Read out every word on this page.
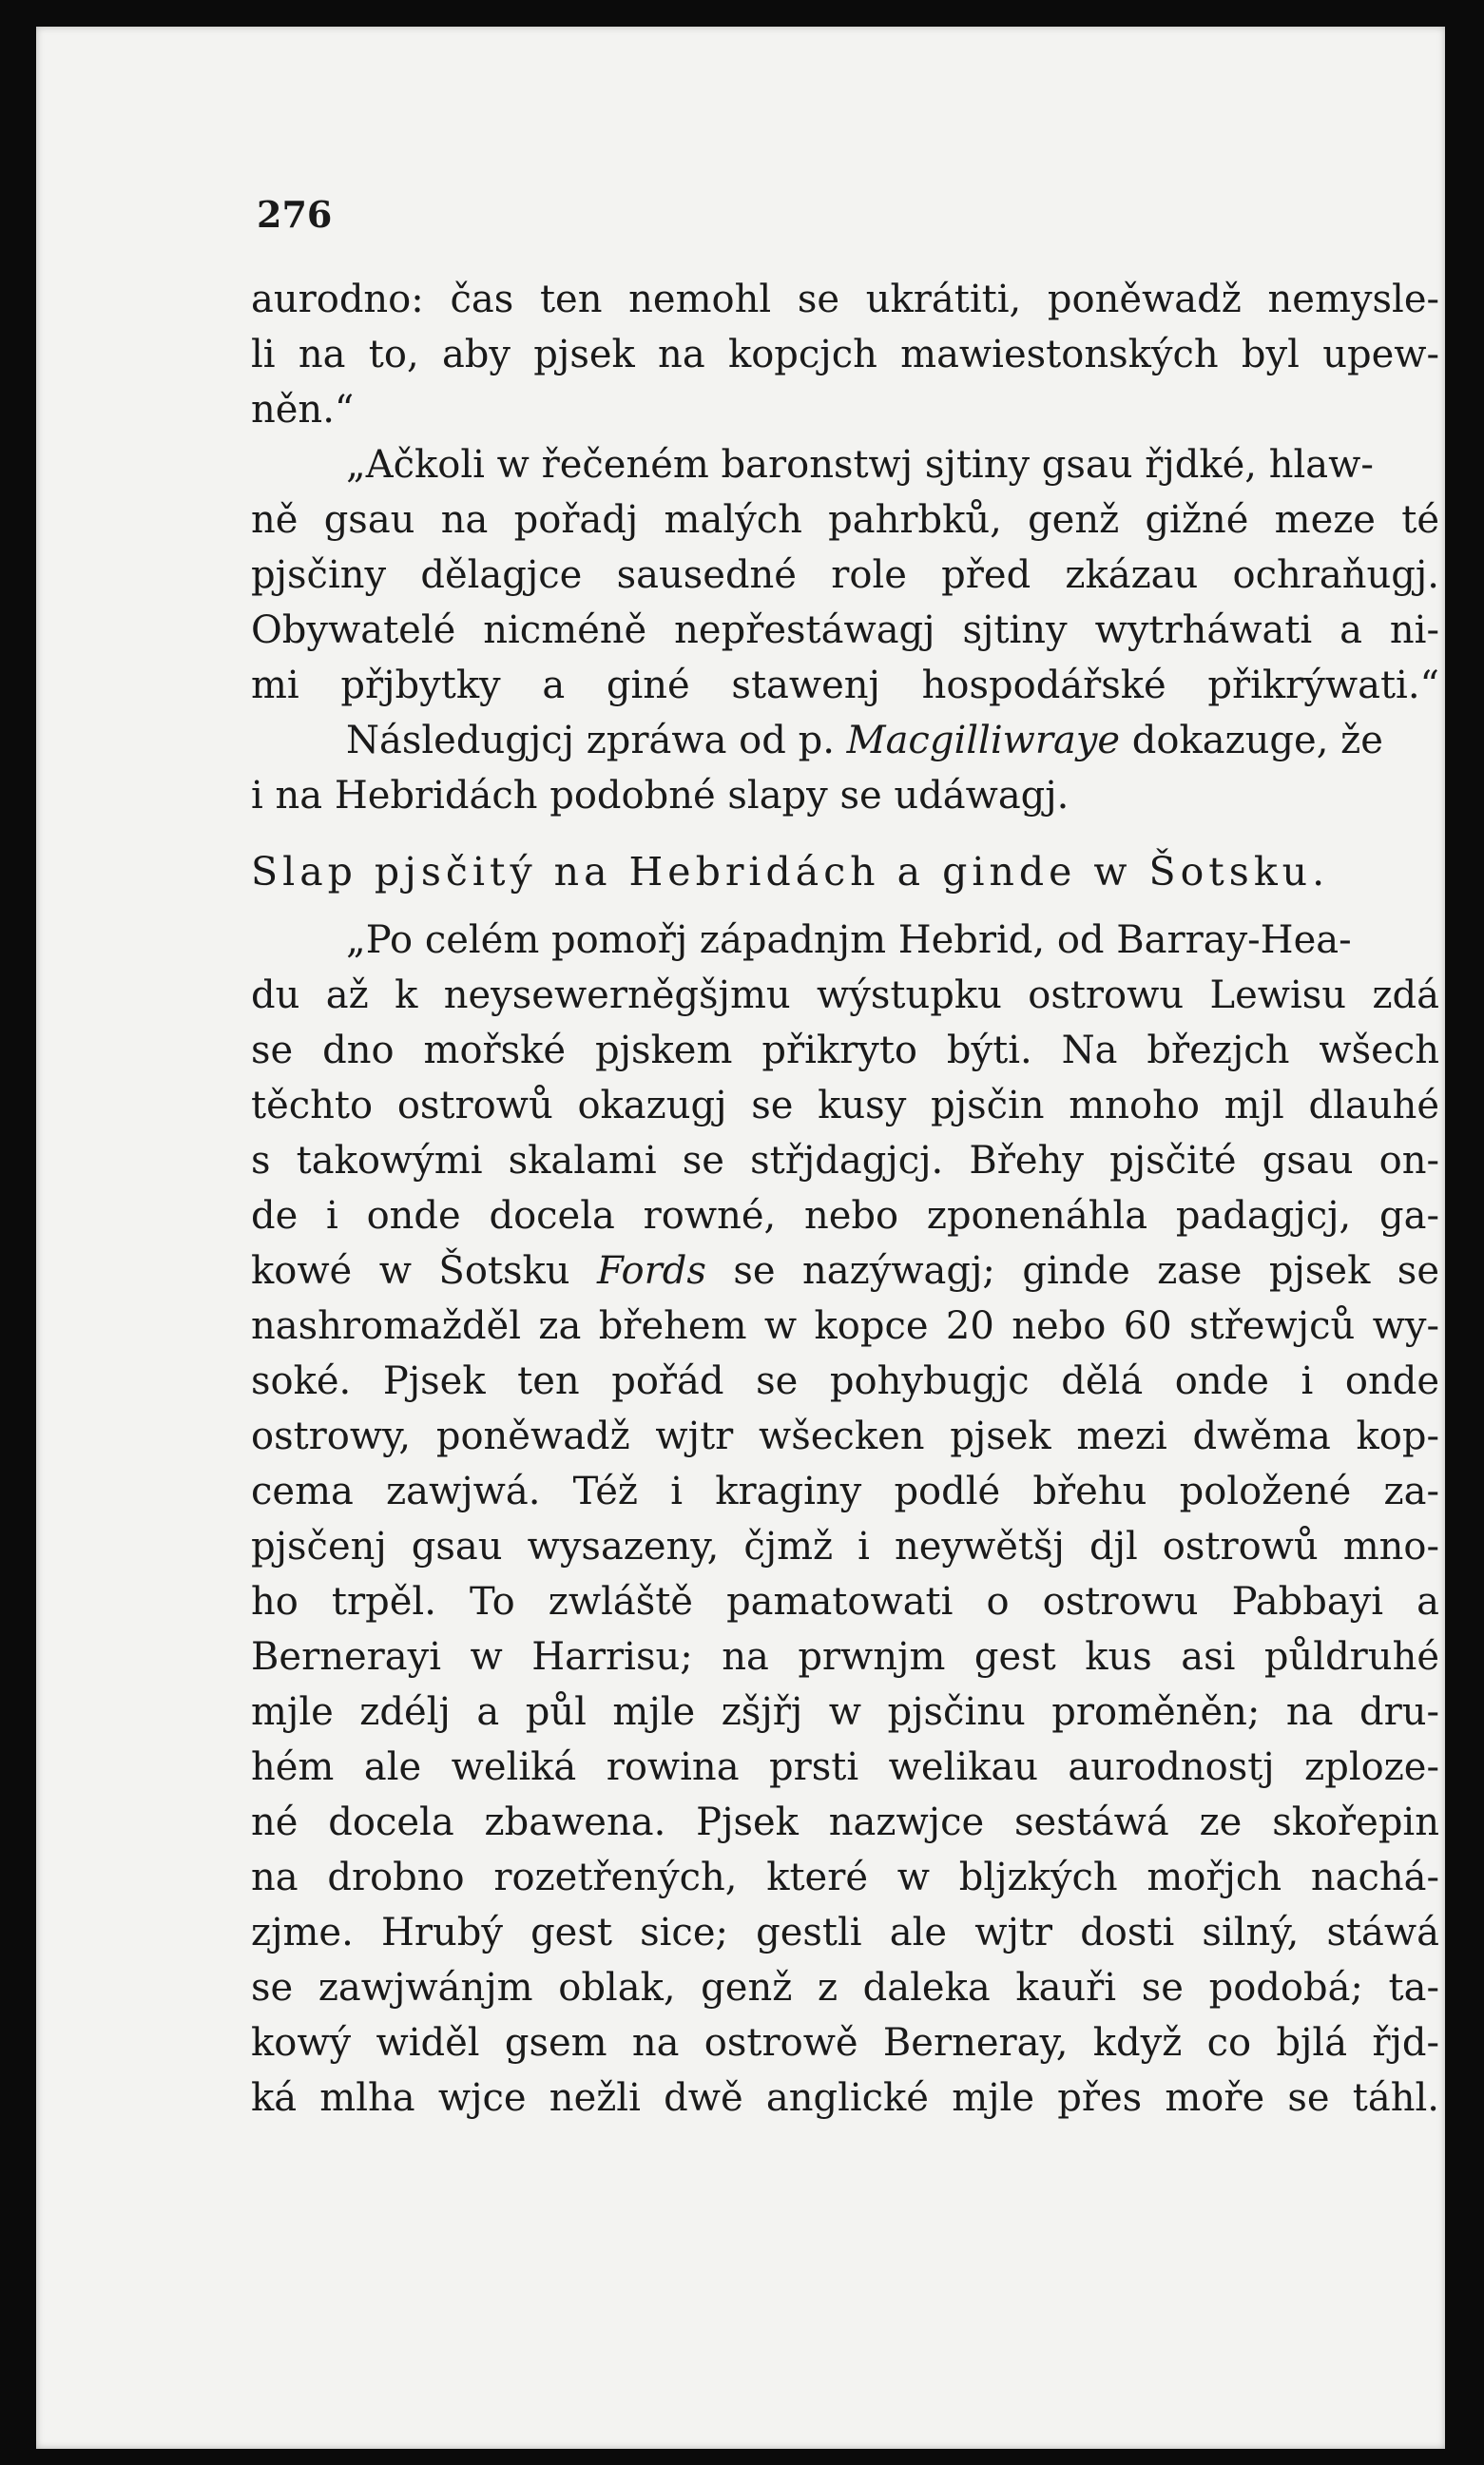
276
aurodno: čas ten nemohl se ukrátiti, poněwadž nemysle-
li na to, aby pjsek na kopcjch mawiestonských byl upew-
něn.“
„Ačkoli w řečeném baronstwj sjtiny gsau řjdké, hlaw-
ně gsau na pořadj malých pahrbků, genž gižné meze té
pjsčiny dělagjce sausedné role před zkázau ochraňugj.
Obywatelé nicméně nepřestáwagj sjtiny wytrháwati a ni-
mi přjbytky a giné stawenj hospodářské přikrýwati.“
Následugjcj zpráwa od p. Macgilliwraye dokazuge, že
i na Hebridách podobné slapy se udáwagj.
Slap pjsčitý na Hebridách a ginde w Šotsku.
„Po celém pomořj západnjm Hebrid, od Barray-Hea-
du až k neysewerněgšjmu wýstupku ostrowu Lewisu zdá
se dno mořské pjskem přikryto býti. Na březjch wšech
těchto ostrowů okazugj se kusy pjsčin mnoho mjl dlauhé
s takowými skalami se střjdagjcj. Břehy pjsčité gsau on-
de i onde docela rowné, nebo zponenáhla padagjcj, ga-
kowé w Šotsku Fords se nazýwagj; ginde zase pjsek se
nashromažděl za břehem w kopce 20 nebo 60 střewjců wy-
soké. Pjsek ten pořád se pohybugjc dělá onde i onde
ostrowy, poněwadž wjtr wšecken pjsek mezi dwěma kop-
cema zawjwá. Též i kraginy podlé břehu položené za-
pjsčenj gsau wysazeny, čjmž i neywětšj djl ostrowů mno-
ho trpěl. To zwláště pamatowati o ostrowu Pabbayi a
Bernerayi w Harrisu; na prwnjm gest kus asi půldruhé
mjle zdélj a půl mjle zšjřj w pjsčinu proměněn; na dru-
hém ale weliká rowina prsti welikau aurodnostj zploze-
né docela zbawena. Pjsek nazwjce sestáwá ze skořepin
na drobno rozetřených, které w bljzkých mořjch nachá-
zjme. Hrubý gest sice; gestli ale wjtr dosti silný, stáwá
se zawjwánjm oblak, genž z daleka kauři se podobá; ta-
kowý widěl gsem na ostrowě Berneray, když co bjlá řjd-
ká mlha wjce nežli dwě anglické mjle přes moře se táhl.
